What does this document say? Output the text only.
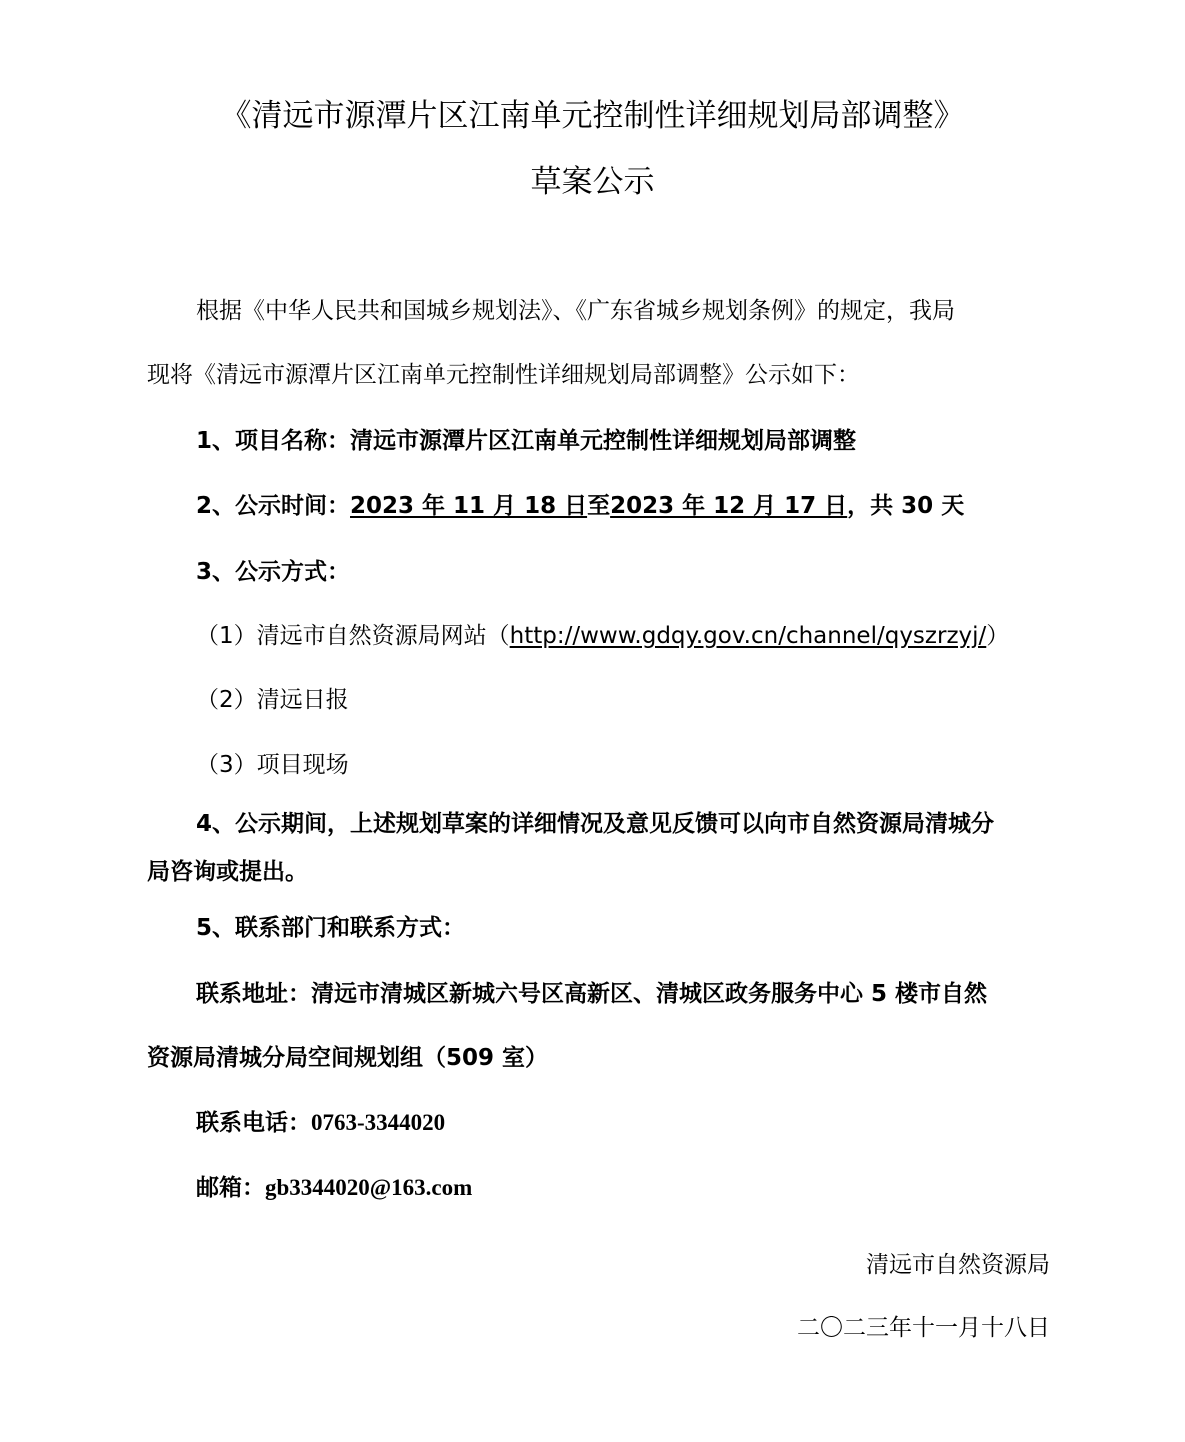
《清远市源潭片区江南单元控制性详细规划局部调整》
草案公示
根据《中华人民共和国城乡规划法》、《广东省城乡规划条例》的规定，我局
现将《清远市源潭片区江南单元控制性详细规划局部调整》公示如下：
1、项目名称：清远市源潭片区江南单元控制性详细规划局部调整
2、公示时间：2023 年 11 月 18 日至2023 年 12 月 17 日，共 30 天
3、公示方式：
（1）清远市自然资源局网站（http://www.gdqy.gov.cn/channel/qyszrzyj/）
（2）清远日报
（3）项目现场
4、公示期间，上述规划草案的详细情况及意见反馈可以向市自然资源局清城分
局咨询或提出。
5、联系部门和联系方式：
联系地址：清远市清城区新城六号区高新区、清城区政务服务中心 5 楼市自然
资源局清城分局空间规划组（509 室）
联系电话：0763-3344020
邮箱：gb3344020@163.com
清远市自然资源局
二〇二三年十一月十八日
